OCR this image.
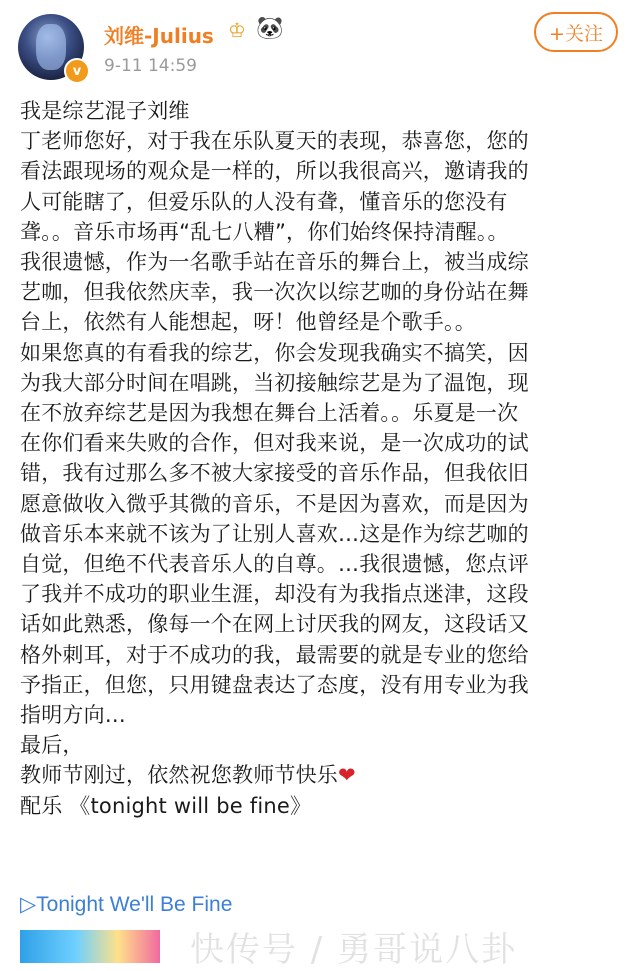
v
刘维-Julius ♔ 🐼
9-11 14:59
+关注

我是综艺混子刘维

丁老师您好，对于我在乐队夏天的表现，恭喜您，您的

看法跟现场的观众是一样的，所以我很高兴，邀请我的

人可能瞎了，但爱乐队的人没有聋，懂音乐的您没有

聋。。音乐市场再“乱七八糟”，你们始终保持清醒。。

我很遗憾，作为一名歌手站在音乐的舞台上，被当成综

艺咖，但我依然庆幸，我一次次以综艺咖的身份站在舞

台上，依然有人能想起，呀！他曾经是个歌手。。

如果您真的有看我的综艺，你会发现我确实不搞笑，因

为我大部分时间在唱跳，当初接触综艺是为了温饱，现

在不放弃综艺是因为我想在舞台上活着。。乐夏是一次

在你们看来失败的合作，但对我来说，是一次成功的试

错，我有过那么多不被大家接受的音乐作品，但我依旧

愿意做收入微乎其微的音乐，不是因为喜欢，而是因为

做音乐本来就不该为了让别人喜欢…这是作为综艺咖的

自觉，但绝不代表音乐人的自尊。…我很遗憾，您点评

了我并不成功的职业生涯，却没有为我指点迷津，这段

话如此熟悉，像每一个在网上讨厌我的网友，这段话又

格外刺耳，对于不成功的我，最需要的就是专业的您给

予指正，但您，只用键盘表达了态度，没有用专业为我

指明方向…

最后，

教师节刚过，依然祝您教师节快乐❤

配乐 《tonight will be fine》

▷Tonight We'll Be Fine
快传号 / 勇哥说八卦
